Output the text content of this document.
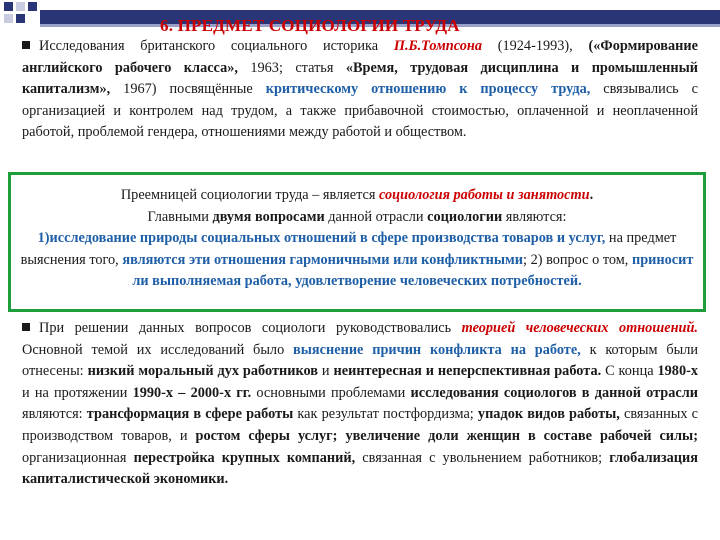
6. ПРЕДМЕТ СОЦИОЛОГИИ ТРУДА

Исследования британского социального историка П.Б.Томпсона (1924-1993), («Формирование английского рабочего класса», 1963; статья «Время, трудовая дисциплина и промышленный капитализм», 1967) посвящённые критическому отношению к процессу труда, связывались с организацией и контролем над трудом, а также прибавочной стоимостью, оплаченной и неоплаченной работой, проблемой гендера, отношениями между работой и обществом.

Преемницей социологии труда – является социология работы и занятости.

Главными двумя вопросами данной отрасли социологии являются:

1)исследование природы социальных отношений в сфере производства товаров и услуг, на предмет выяснения того, являются эти отношения гармоничными или конфликтными; 2) вопрос о том, приносит ли выполняемая работа, удовлетворение человеческих потребностей.

При решении данных вопросов социологи руководствовались теорией человеческих отношений. Основной темой их исследований было выяснение причин конфликта на работе, к которым были отнесены: низкий моральный дух работников и неинтересная и неперспективная работа. С конца 1980-х и на протяжении 1990-х – 2000-х гг. основными проблемами исследования социологов в данной отрасли являются: трансформация в сфере работы как результат постфордизма; упадок видов работы, связанных с производством товаров, и ростом сферы услуг; увеличение доли женщин в составе рабочей силы; организационная перестройка крупных компаний, связанная с увольнением работников; глобализация капиталистической экономики.
